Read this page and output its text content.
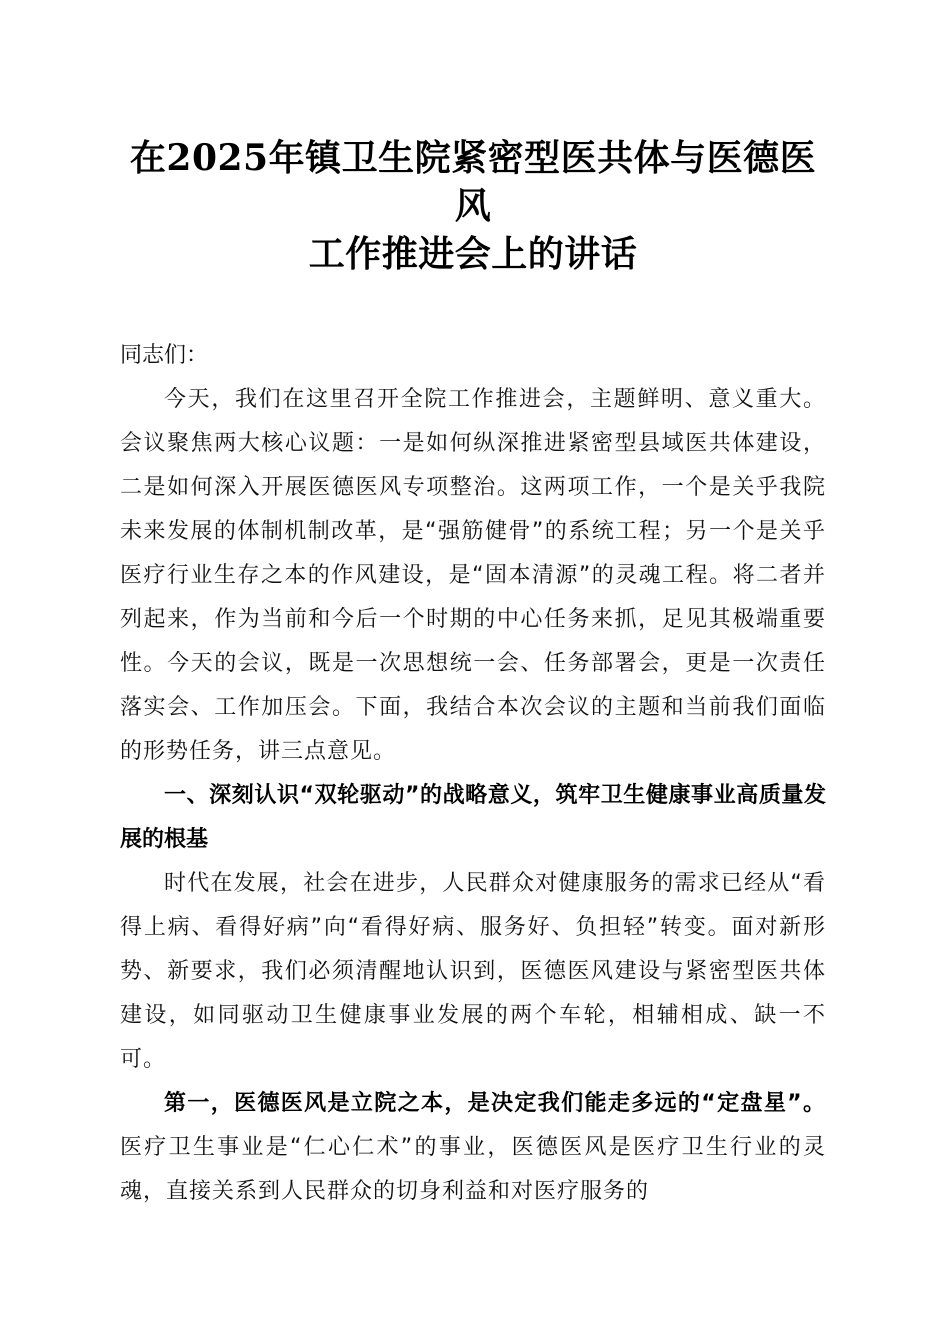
在2025年镇卫生院紧密型医共体与医德医风
工作推进会上的讲话

同志们：

今天，我们在这里召开全院工作推进会，主题鲜明、意义重大。会议聚焦两大核心议题：一是如何纵深推进紧密型县域医共体建设，二是如何深入开展医德医风专项整治。这两项工作，一个是关乎我院未来发展的体制机制改革，是“强筋健骨”的系统工程；另一个是关乎医疗行业生存之本的作风建设，是“固本清源”的灵魂工程。将二者并列起来，作为当前和今后一个时期的中心任务来抓，足见其极端重要性。今天的会议，既是一次思想统一会、任务部署会，更是一次责任落实会、工作加压会。下面，我结合本次会议的主题和当前我们面临的形势任务，讲三点意见。

一、深刻认识“双轮驱动”的战略意义，筑牢卫生健康事业高质量发展的根基

时代在发展，社会在进步，人民群众对健康服务的需求已经从“看得上病、看得好病”向“看得好病、服务好、负担轻”转变。面对新形势、新要求，我们必须清醒地认识到，医德医风建设与紧密型医共体建设，如同驱动卫生健康事业发展的两个车轮，相辅相成、缺一不可。

第一，医德医风是立院之本，是决定我们能走多远的“定盘星”。医疗卫生事业是“仁心仁术”的事业，医德医风是医疗卫生行业的灵魂，直接关系到人民群众的切身利益和对医疗服务的
